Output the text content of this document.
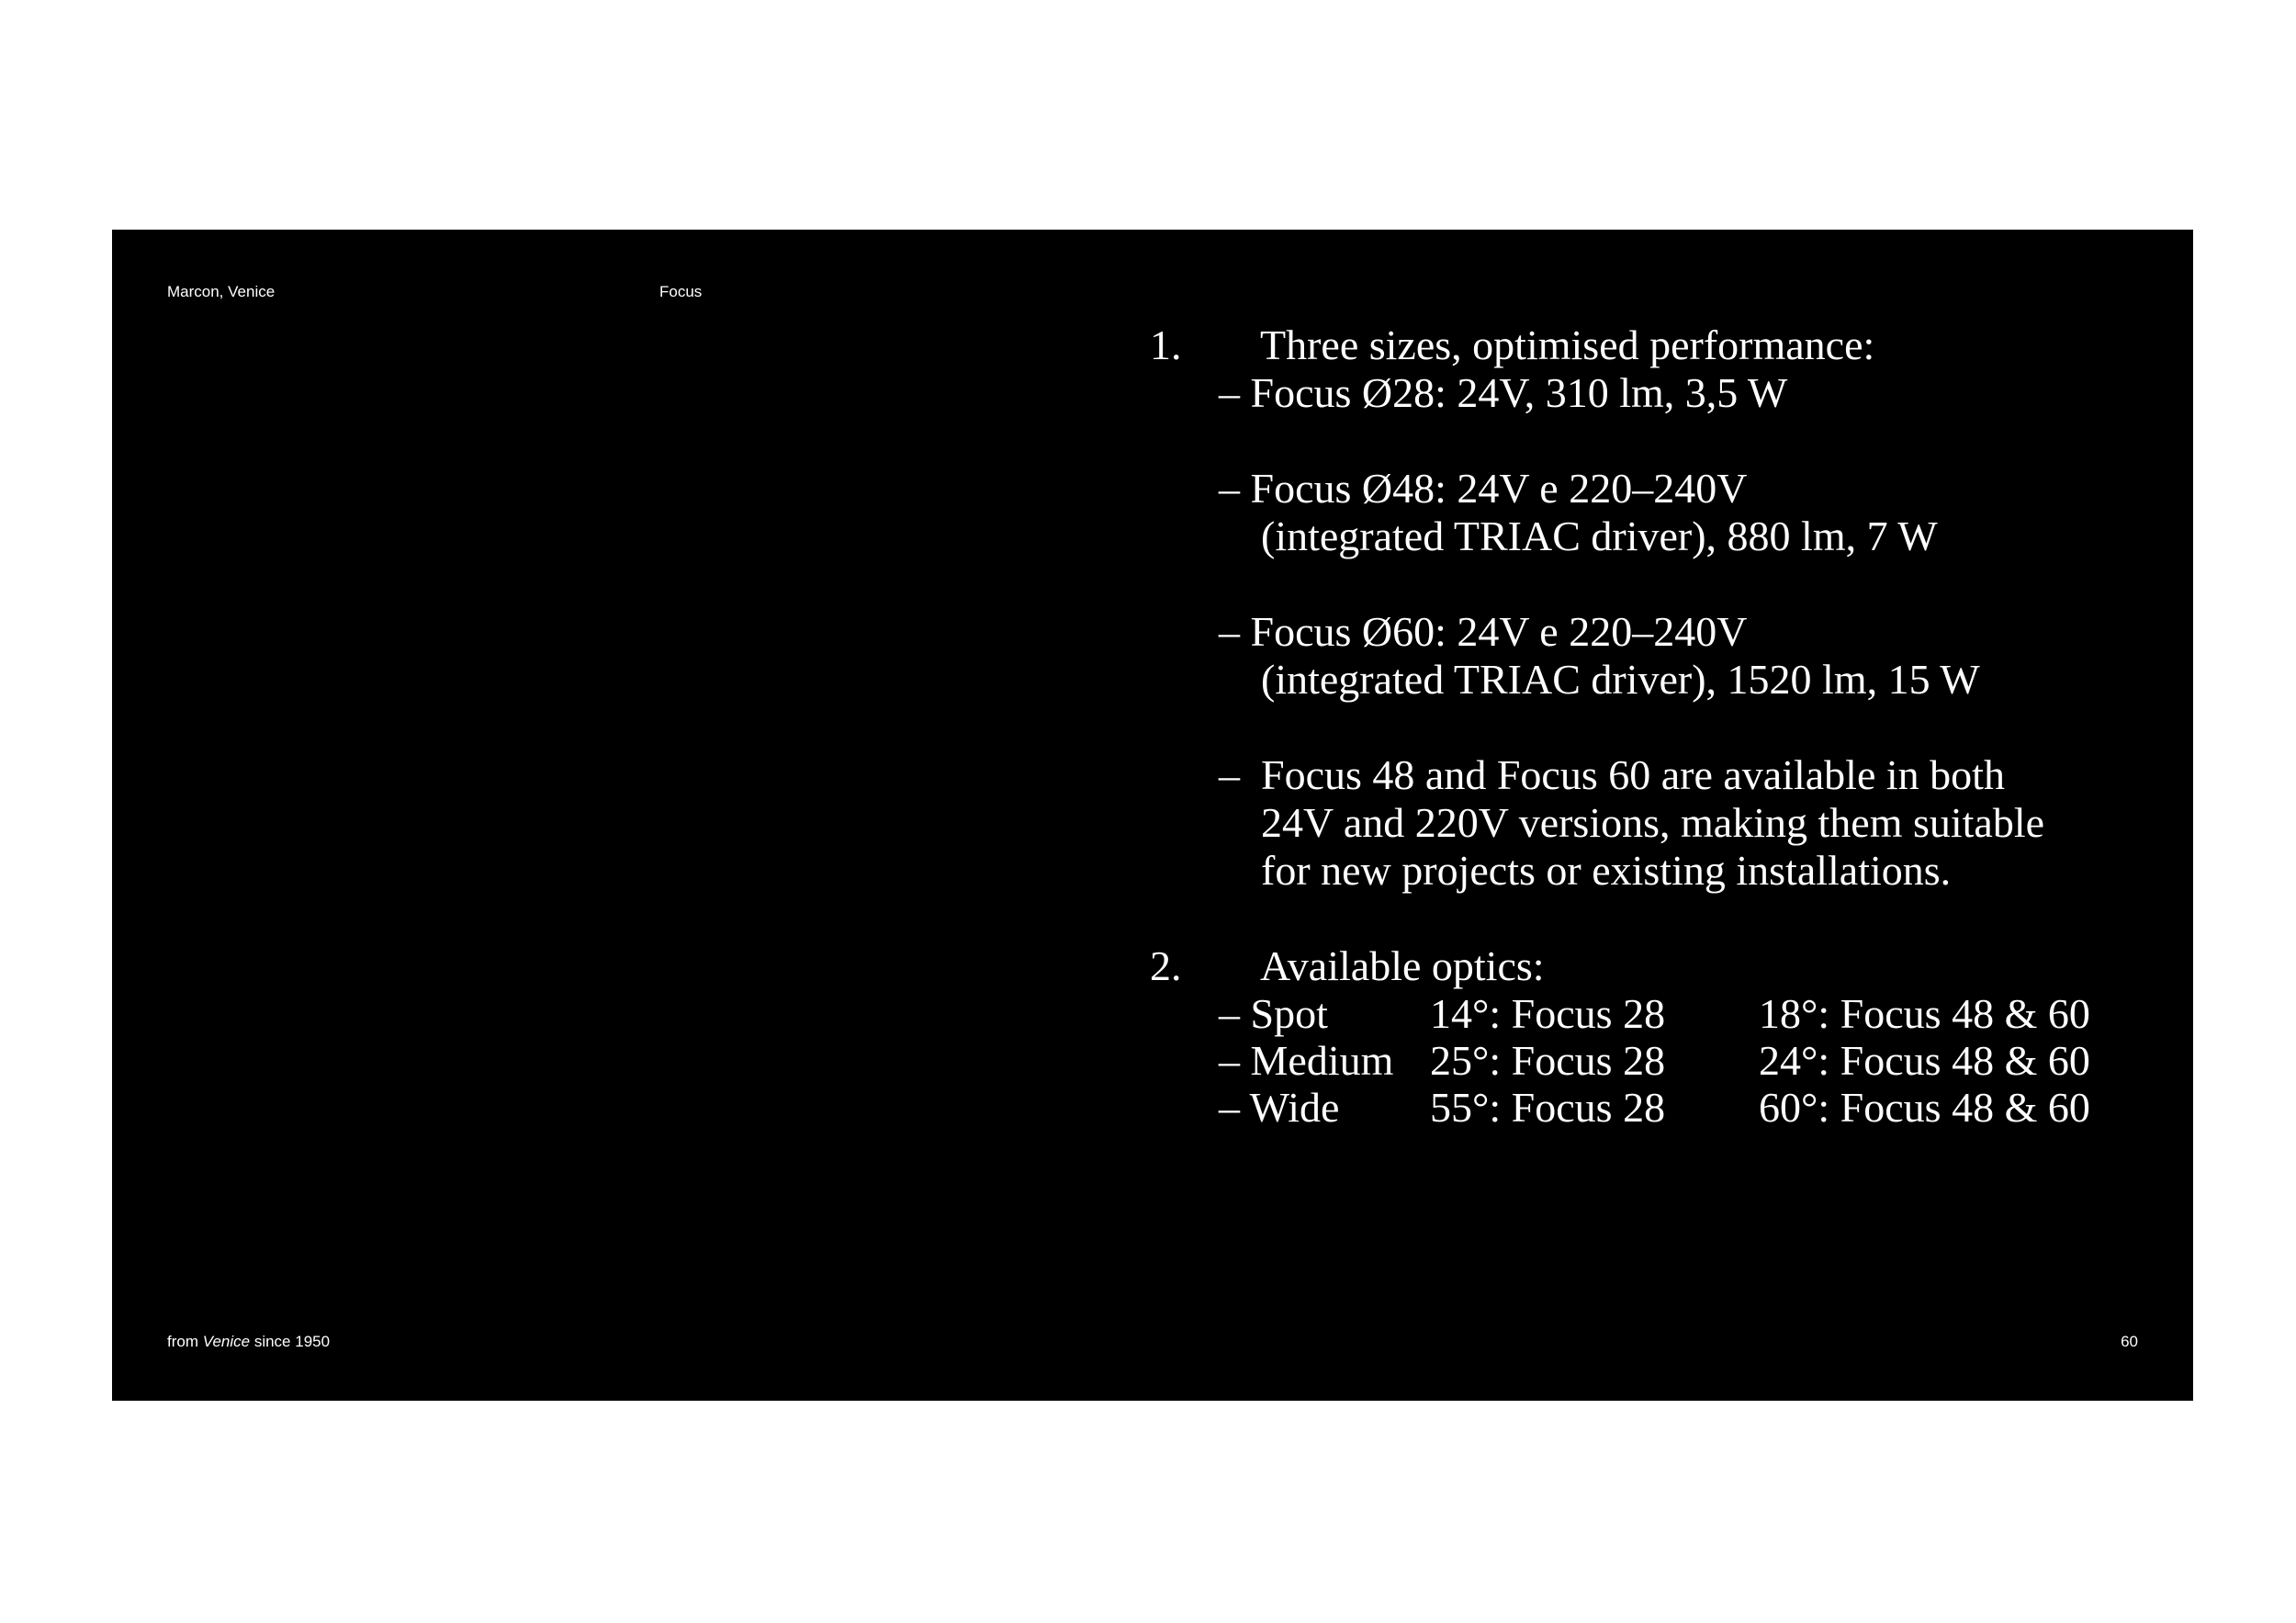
Marcon, Venice	Focus
1. Three sizes, optimised performance:
– Focus Ø28: 24V, 310 lm, 3,5 W
– Focus Ø48: 24V e 220–240V
(integrated TRIAC driver), 880 lm, 7 W
– Focus Ø60: 24V e 220–240V
(integrated TRIAC driver), 1520 lm, 15 W
– Focus 48 and Focus 60 are available in both
24V and 220V versions, making them suitable
for new projects or existing installations.
2. Available optics:
– Spot 14°: Focus 28 18°: Focus 48 & 60
– Medium 25°: Focus 28 24°: Focus 48 & 60
– Wide 55°: Focus 28 60°: Focus 48 & 60
from Venice since 1950	60
